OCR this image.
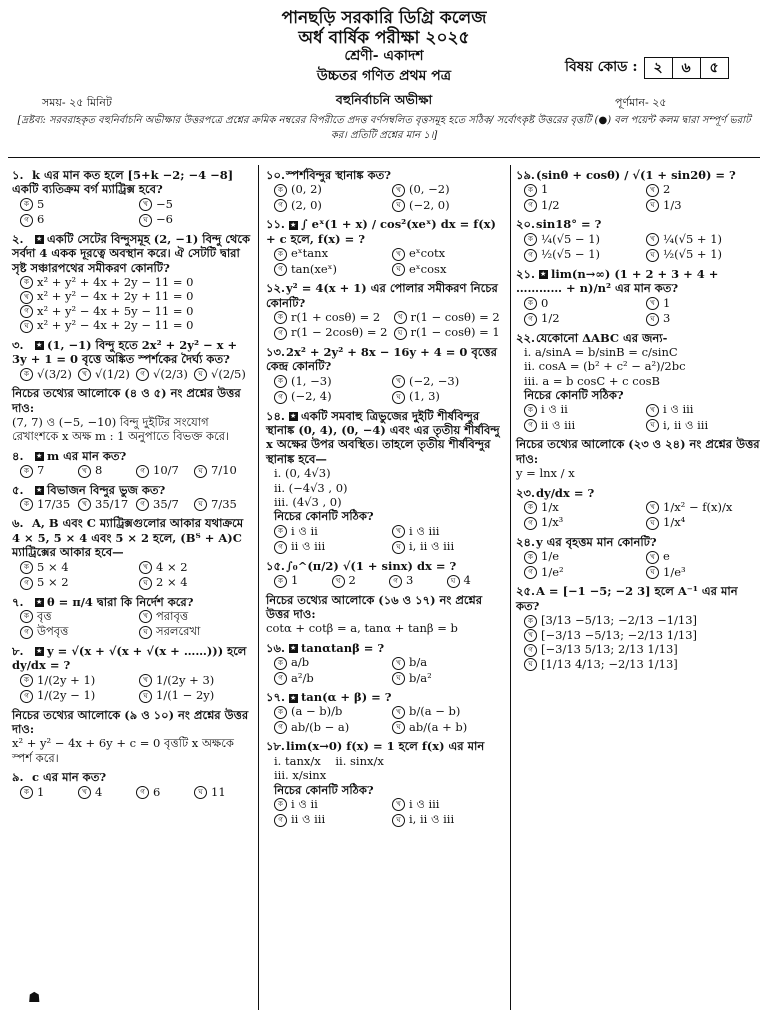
পানছড়ি সরকারি ডিগ্রি কলেজ
অর্ধ বার্ষিক পরীক্ষা ২০২৫
শ্রেণী- একাদশ
উচ্চতর গণিত প্রথম পত্র
বহুনির্বাচনি অভীক্ষা
বিষয় কোড :	২	৬	৫
সময়- ২৫ মিনিট	পূর্ণমান- ২৫
[দ্রষ্টব্য: সরবরাহকৃত বহুনির্বাচনি অভীক্ষার উত্তরপত্রে প্রশ্নের ক্রমিক নম্বরের বিপরীতে প্রদত্ত বর্ণসম্বলিত বৃত্তসমূহ হতে সঠিক/ সর্বোৎকৃষ্ট উত্তরের বৃত্তটি (●) বল পয়েন্ট কলম দ্বারা সম্পূর্ণ ভরাট কর। প্রতিটি প্রশ্নের মান ১।]
১. k এর মান কত হলে [5+k −2; −4 −8] একটি ব্যতিক্রম বর্গ ম্যাট্রিক্স হবে?
ক 5	খ −5
গ 6	ঘ −6
২. ★ একটি সেটের বিন্দুসমূহ (2, −1) বিন্দু থেকে সর্বদা 4 একক দূরত্বে অবস্থান করে। ঐ সেটটি দ্বারা সৃষ্ট সঞ্চারপথের সমীকরণ কোনটি?
ক x² + y² + 4x + 2y − 11 = 0
খ x² + y² − 4x + 2y + 11 = 0
গ x² + y² − 4x + 5y − 11 = 0
ঘ x² + y² − 4x + 2y − 11 = 0
৩. ★ (1, −1) বিন্দু হতে 2x² + 2y² − x + 3y + 1 = 0 বৃত্তে অঙ্কিত স্পর্শকের দৈর্ঘ্য কত?
ক √(3/2)	খ √(1/2)	গ √(2/3)	ঘ √(2/5)
নিচের তথ্যের আলোকে (৪ ও ৫) নং প্রশ্নের উত্তর দাও:
(7, 7) ও (−5, −10) বিন্দু দুইটির সংযোগ রেখাংশকে x অক্ষ m : 1 অনুপাতে বিভক্ত করে।
৪. ★ m এর মান কত?
ক 7	খ 8	গ 10/7	ঘ 7/10
৫. ★ বিভাজন বিন্দুর ভুজ কত?
ক 17/35	খ 35/17	গ 35/7	ঘ 7/35
৬. A, B এবং C ম্যাট্রিক্সগুলোর আকার যথাক্রমে 4 × 5, 5 × 4 এবং 5 × 2 হলে, (Bᵀ + A)C ম্যাট্রিক্সের আকার হবে—
ক 5 × 4	খ 4 × 2
গ 5 × 2	ঘ 2 × 4
৭. ★ θ = π/4 দ্বারা কি নির্দেশ করে?
ক বৃত্ত	খ পরাবৃত্ত
গ উপবৃত্ত	ঘ সরলরেখা
৮. ★ y = √(x + √(x + √(x + ……))) হলে dy/dx = ?
ক 1/(2y + 1)	খ 1/(2y + 3)
গ 1/(2y − 1)	ঘ 1/(1 − 2y)
নিচের তথ্যের আলোকে (৯ ও ১০) নং প্রশ্নের উত্তর দাও:
x² + y² − 4x + 6y + c = 0 বৃত্তটি x অক্ষকে স্পর্শ করে।
৯. c এর মান কত?
ক 1	খ 4	গ 6	ঘ 11
১০.স্পর্শবিন্দুর স্থানাঙ্ক কত?
ক (0, 2)	খ (0, −2)
গ (2, 0)	ঘ (−2, 0)
১১. ★ ∫ eˣ(1 + x) / cos²(xeˣ) dx = f(x) + c হলে, f(x) = ?
ক eˣtanx	খ eˣcotx
গ tan(xeˣ)	ঘ eˣcosx
১২.y² = 4(x + 1) এর পোলার সমীকরণ নিচের কোনটি?
ক r(1 + cosθ) = 2	খ r(1 − cosθ) = 2
গ r(1 − 2cosθ) = 2	ঘ r(1 − cosθ) = 1
১৩.2x² + 2y² + 8x − 16y + 4 = 0 বৃত্তের কেন্দ্র কোনটি?
ক (1, −3)	খ (−2, −3)
গ (−2, 4)	ঘ (1, 3)
১৪. ★ একটি সমবাহু ত্রিভুজের দুইটি শীর্ষবিন্দুর স্থানাঙ্ক (0, 4), (0, −4) এবং এর তৃতীয় শীর্ষবিন্দু x অক্ষের উপর অবস্থিত। তাহলে তৃতীয় শীর্ষবিন্দুর স্থানাঙ্ক হবে—
i. (0, 4√3)
ii. (−4√3 , 0)
iii. (4√3 , 0)
নিচের কোনটি সঠিক?
ক i ও ii	খ i ও iii
গ ii ও iii	ঘ i, ii ও iii
১৫.∫₀^(π/2) √(1 + sinx) dx = ?
ক 1	খ 2	গ 3	ঘ 4
নিচের তথ্যের আলোকে (১৬ ও ১৭) নং প্রশ্নের উত্তর দাও:
cotα + cotβ = a, tanα + tanβ = b
১৬. ★ tanαtanβ = ?
ক a/b	খ b/a
গ a²/b	ঘ b/a²
১৭. ★ tan(α + β) = ?
ক (a − b)/b	খ b/(a − b)
গ ab/(b − a)	ঘ ab/(a + b)
১৮.lim(x→0) f(x) = 1 হলে f(x) এর মান
i. tanx/x ii. sinx/x
iii. x/sinx
নিচের কোনটি সঠিক?
ক i ও ii	খ i ও iii
গ ii ও iii	ঘ i, ii ও iii
১৯.(sinθ + cosθ) / √(1 + sin2θ) = ?
ক 1	খ 2
গ 1/2	ঘ 1/3
২০.sin18° = ?
ক ¼(√5 − 1)	খ ¼(√5 + 1)
গ ½(√5 − 1)	ঘ ½(√5 + 1)
২১. ★ lim(n→∞) (1 + 2 + 3 + 4 + ………… + n)/n² এর মান কত?
ক 0	খ 1
গ 1/2	ঘ 3
২২.যেকোনো ΔABC এর জন্য-
i. a/sinA = b/sinB = c/sinC
ii. cosA = (b² + c² − a²)/2bc
iii. a = b cosC + c cosB
নিচের কোনটি সঠিক?
ক i ও ii	খ i ও iii
গ ii ও iii	ঘ i, ii ও iii
নিচের তথ্যের আলোকে (২৩ ও ২৪) নং প্রশ্নের উত্তর দাও:
y = lnx / x
২৩.dy/dx = ?
ক 1/x	খ 1/x² − f(x)/x
গ 1/x³	ঘ 1/x⁴
২৪.y এর বৃহত্তম মান কোনটি?
ক 1/e	খ e
গ 1/e²	ঘ 1/e³
২৫.A = [−1 −5; −2 3] হলে A⁻¹ এর মান কত?
ক [3/13 −5/13; −2/13 −1/13]
খ [−3/13 −5/13; −2/13 1/13]
গ [−3/13 5/13; 2/13 1/13]
ঘ [1/13 4/13; −2/13 1/13]
☗
